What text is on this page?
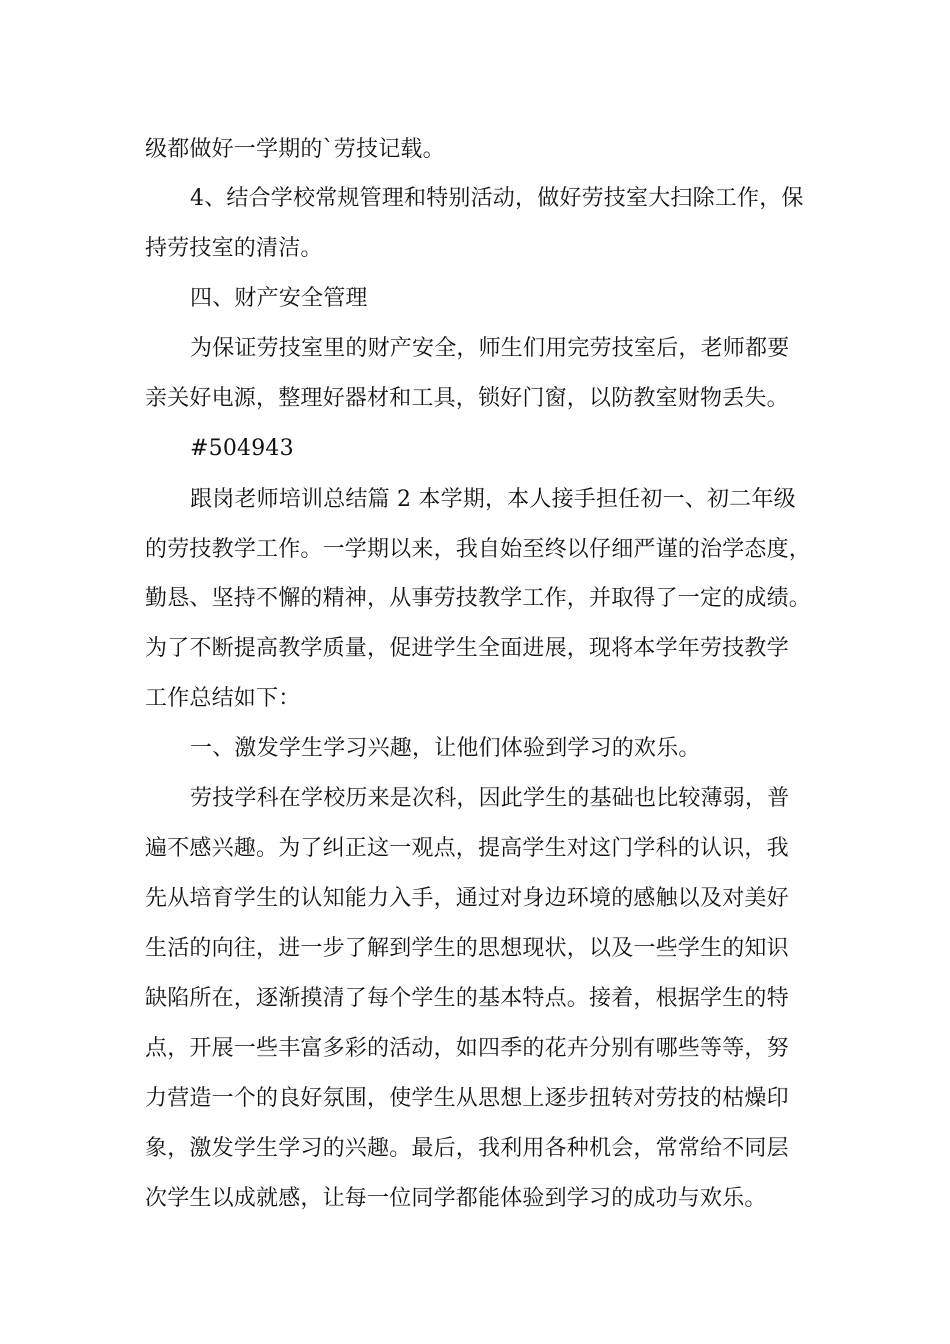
级都做好一学期的`劳技记载。
4、结合学校常规管理和特别活动，做好劳技室大扫除工作，保
持劳技室的清洁。
四、财产安全管理
为保证劳技室里的财产安全，师生们用完劳技室后，老师都要
亲关好电源，整理好器材和工具，锁好门窗，以防教室财物丢失。
#504943
跟岗老师培训总结篇 2 本学期，本人接手担任初一、初二年级
的劳技教学工作。一学期以来，我自始至终以仔细严谨的治学态度，
勤恳、坚持不懈的精神，从事劳技教学工作，并取得了一定的成绩。
为了不断提高教学质量，促进学生全面进展，现将本学年劳技教学
工作总结如下：
一、激发学生学习兴趣，让他们体验到学习的欢乐。
劳技学科在学校历来是次科，因此学生的基础也比较薄弱，普
遍不感兴趣。为了纠正这一观点，提高学生对这门学科的认识，我
先从培育学生的认知能力入手，通过对身边环境的感触以及对美好
生活的向往，进一步了解到学生的思想现状，以及一些学生的知识
缺陷所在，逐渐摸清了每个学生的基本特点。接着，根据学生的特
点，开展一些丰富多彩的活动，如四季的花卉分别有哪些等等，努
力营造一个的良好氛围，使学生从思想上逐步扭转对劳技的枯燥印
象，激发学生学习的兴趣。最后，我利用各种机会，常常给不同层
次学生以成就感，让每一位同学都能体验到学习的成功与欢乐。
